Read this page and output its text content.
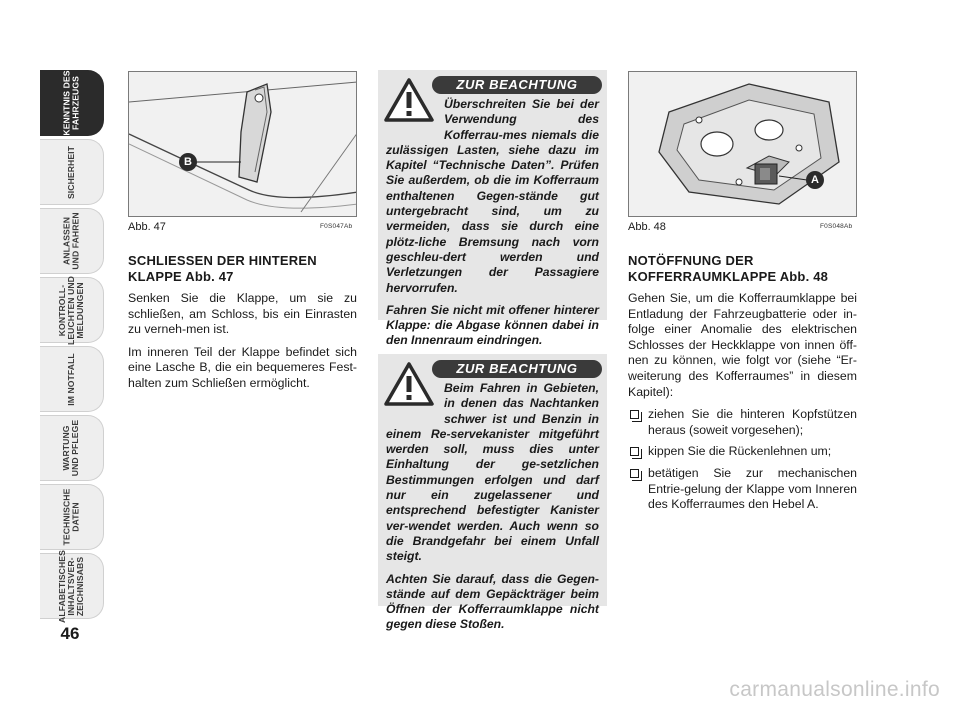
KENNTNIS DES
FAHRZEUGS
SICHERHEIT
ANLASSEN
UND FAHREN
KONTROLL-
LEUCHTEN UND
MELDUNGEN
IM NOTFALL
WARTUNG
UND PFLEGE
TECHNISCHE
DATEN
ALFABETISCHES
INHALTSVER-
ZEICHNISABS
46
B
Abb. 47	F0S047Ab
A
Abb. 48	F0S048Ab
SCHLIESSEN DER HINTEREN KLAPPE Abb. 47

Senken Sie die Klappe, um sie zu schließen, am Schloss, bis ein Einrasten zu verneh-men ist.

Im inneren Teil der Klappe befindet sich eine Lasche B, die ein bequemeres Fest-halten zum Schließen ermöglicht.

ZUR BEACHTUNG

Überschreiten Sie bei der Verwendung des Kofferrau-mes niemals die zulässigen Lasten, siehe dazu im Kapitel “Technische Daten”. Prüfen Sie außerdem, ob die im Kofferraum enthaltenen Gegen-stände gut untergebracht sind, um zu vermeiden, dass sie durch eine plötz-liche Bremsung nach vorn geschleu-dert werden und Verletzungen der Passagiere hervorrufen.

Fahren Sie nicht mit offener hinterer Klappe: die Abgase können dabei in den Innenraum eindringen.

ZUR BEACHTUNG

Beim Fahren in Gebieten, in denen das Nachtanken schwer ist und Benzin in einem Re-servekanister mitgeführt werden soll, muss dies unter Einhaltung der ge-setzlichen Bestimmungen erfolgen und darf nur ein zugelassener und entsprechend befestigter Kanister ver-wendet werden. Auch wenn so die Brandgefahr bei einem Unfall steigt.

Achten Sie darauf, dass die Gegen-stände auf dem Gepäckträger beim Öffnen der Kofferraumklappe nicht gegen diese Stoßen.

NOTÖFFNUNG DER KOFFERRAUMKLAPPE Abb. 48

Gehen Sie, um die Kofferraumklappe bei Entladung der Fahrzeugbatterie oder in-folge einer Anomalie des elektrischen Schlosses der Heckklappe von innen öff-nen zu können, wie folgt vor (siehe “Er-weiterung des Kofferraumes” in diesem Kapitel):

ziehen Sie die hinteren Kopfstützen heraus (soweit vorgesehen);
kippen Sie die Rückenlehnen um;
betätigen Sie zur mechanischen Entrie-gelung der Klappe vom Inneren des Kofferraumes den Hebel A.
carmanualsonline.info
